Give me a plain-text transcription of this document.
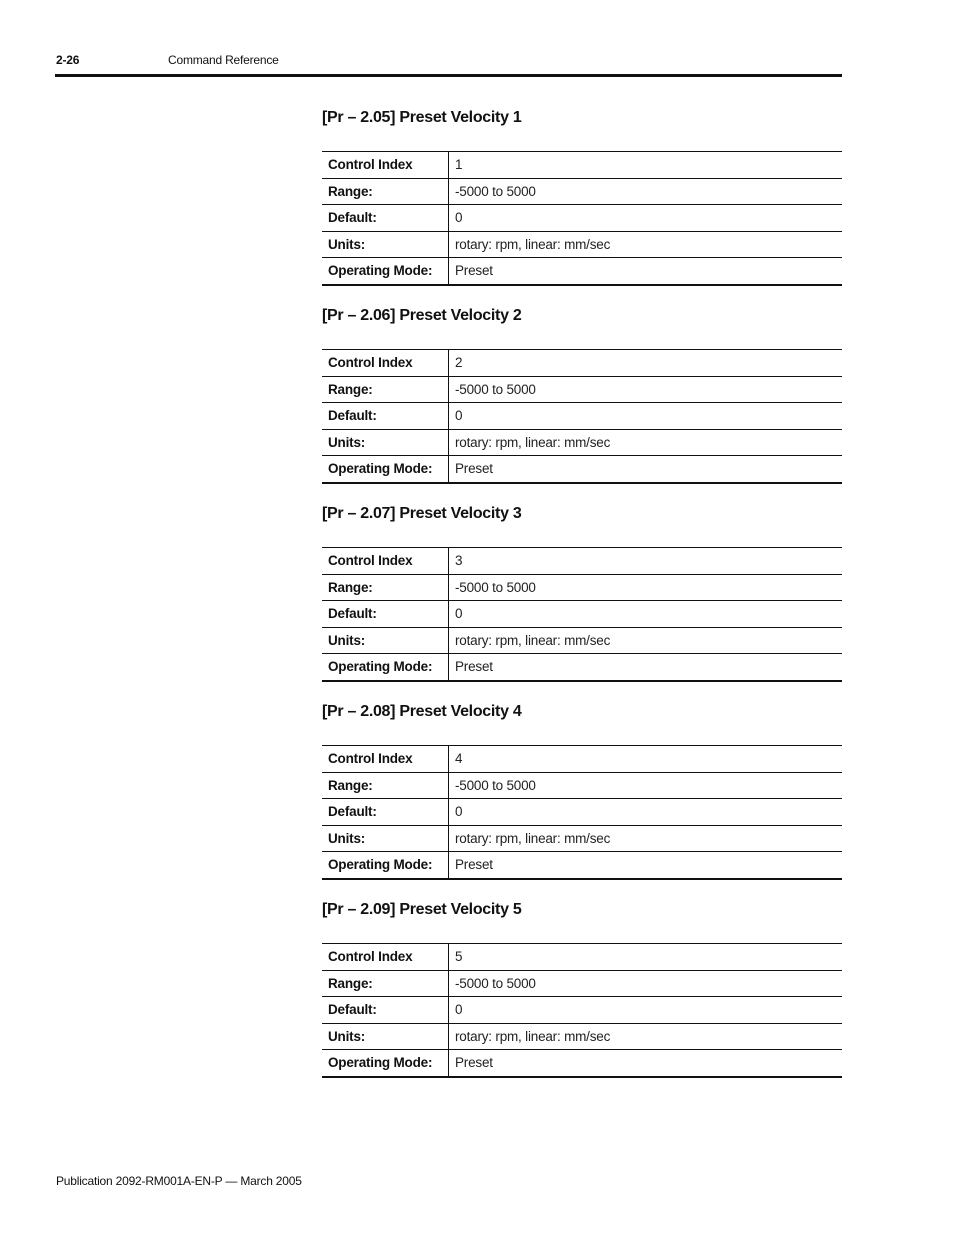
2-26	Command Reference
[Pr – 2.05] Preset Velocity 1
Control Index	1
Range:	-5000 to 5000
Default:	0
Units:	rotary: rpm, linear: mm/sec
Operating Mode:	Preset
[Pr – 2.06] Preset Velocity 2
Control Index	2
Range:	-5000 to 5000
Default:	0
Units:	rotary: rpm, linear: mm/sec
Operating Mode:	Preset
[Pr – 2.07] Preset Velocity 3
Control Index	3
Range:	-5000 to 5000
Default:	0
Units:	rotary: rpm, linear: mm/sec
Operating Mode:	Preset
[Pr – 2.08] Preset Velocity 4
Control Index	4
Range:	-5000 to 5000
Default:	0
Units:	rotary: rpm, linear: mm/sec
Operating Mode:	Preset
[Pr – 2.09] Preset Velocity 5
Control Index	5
Range:	-5000 to 5000
Default:	0
Units:	rotary: rpm, linear: mm/sec
Operating Mode:	Preset
Publication 2092-RM001A-EN-P — March 2005
